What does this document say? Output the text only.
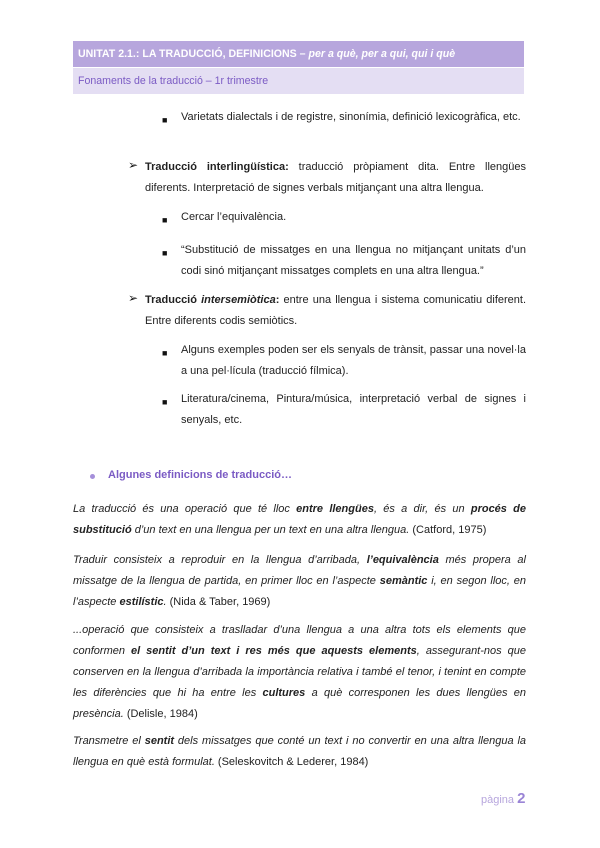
UNITAT 2.1.: LA TRADUCCIÓ, DEFINICIONS – per a què, per a qui, qui i què
Fonaments de la traducció – 1r trimestre
■ Varietats dialectals i de registre, sinonímia, definició lexicogràfica, etc.
➢ Traducció interlingüística: traducció pròpiament dita. Entre llengües diferents. Interpretació de signes verbals mitjançant una altra llengua.
■ Cercar l’equivalència.
■ “Substitució de missatges en una llengua no mitjançant unitats d’un codi sinó mitjançant missatges complets en una altra llengua.”
➢ Traducció intersemiòtica: entre una llengua i sistema comunicatiu diferent. Entre diferents codis semiòtics.
■ Alguns exemples poden ser els senyals de trànsit, passar una novel·la a una pel·lícula (traducció fílmica).
■ Literatura/cinema, Pintura/música, interpretació verbal de signes i senyals, etc.
Algunes definicions de traducció…
La traducció és una operació que té lloc entre llengües, és a dir, és un procés de substitució d’un text en una llengua per un text en una altra llengua. (Catford, 1975)
Traduir consisteix a reproduir en la llengua d’arribada, l’equivalència més propera al missatge de la llengua de partida, en primer lloc en l’aspecte semàntic i, en segon lloc, en l’aspecte estilístic. (Nida & Taber, 1969)
...operació que consisteix a traslladar d’una llengua a una altra tots els elements que conformen el sentit d’un text i res més que aquests elements, assegurant-nos que conserven en la llengua d’arribada la importància relativa i també el tenor, i tenint en compte les diferències que hi ha entre les cultures a què corresponen les dues llengües en presència. (Delisle, 1984)
Transmetre el sentit dels missatges que conté un text i no convertir en una altra llengua la llengua en què està formulat. (Seleskovitch & Lederer, 1984)
pàgina 2
